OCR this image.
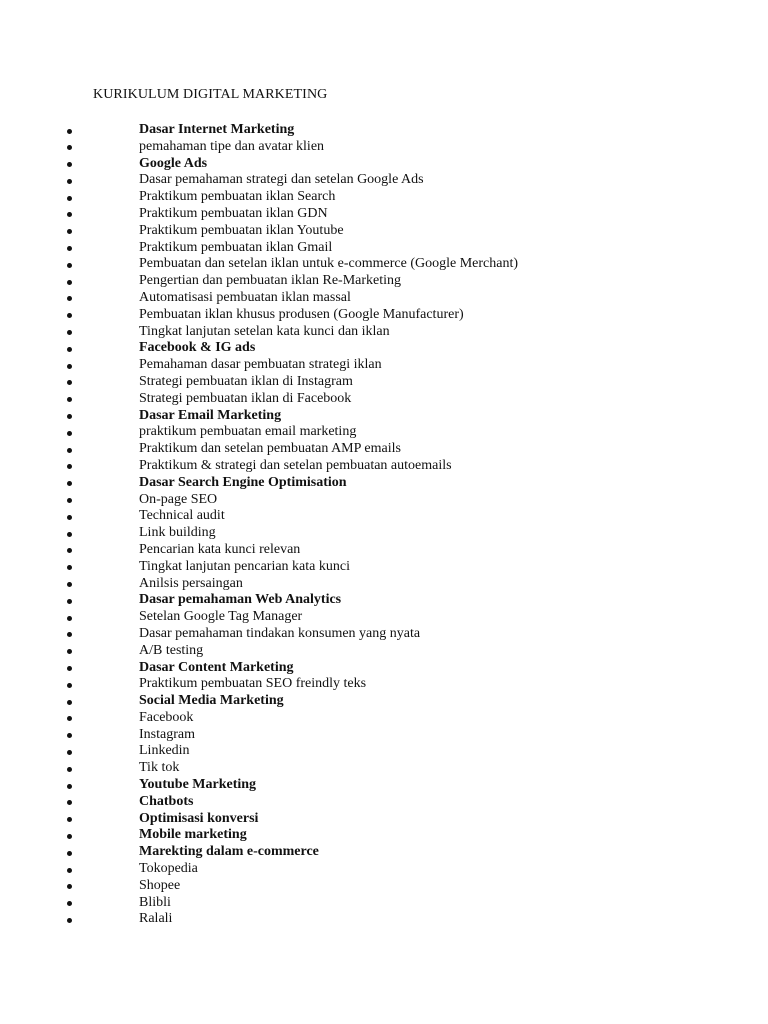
KURIKULUM DIGITAL MARKETING
Dasar Internet Marketing
pemahaman tipe dan avatar klien
Google Ads
Dasar pemahaman strategi dan setelan Google Ads
Praktikum pembuatan iklan Search
Praktikum pembuatan iklan GDN
Praktikum pembuatan iklan Youtube
Praktikum pembuatan iklan Gmail
Pembuatan dan setelan iklan untuk e-commerce (Google Merchant)
Pengertian dan pembuatan iklan Re-Marketing
Automatisasi pembuatan iklan massal
Pembuatan iklan khusus produsen (Google Manufacturer)
Tingkat lanjutan setelan kata kunci dan iklan
Facebook & IG ads
Pemahaman dasar pembuatan strategi iklan
Strategi pembuatan iklan di Instagram
Strategi pembuatan iklan di Facebook
Dasar Email Marketing
praktikum pembuatan email marketing
Praktikum dan setelan pembuatan AMP emails
Praktikum & strategi dan setelan pembuatan autoemails
Dasar Search Engine Optimisation
On-page SEO
Technical audit
Link building
Pencarian kata kunci relevan
Tingkat lanjutan pencarian kata kunci
Anilsis persaingan
Dasar pemahaman Web Analytics
Setelan Google Tag Manager
Dasar pemahaman tindakan konsumen yang nyata
A/B testing
Dasar Content Marketing
Praktikum pembuatan SEO freindly teks
Social Media Marketing
Facebook
Instagram
Linkedin
Tik tok
Youtube Marketing
Chatbots
Optimisasi konversi
Mobile marketing
Marekting dalam e-commerce
Tokopedia
Shopee
Blibli
Ralali
